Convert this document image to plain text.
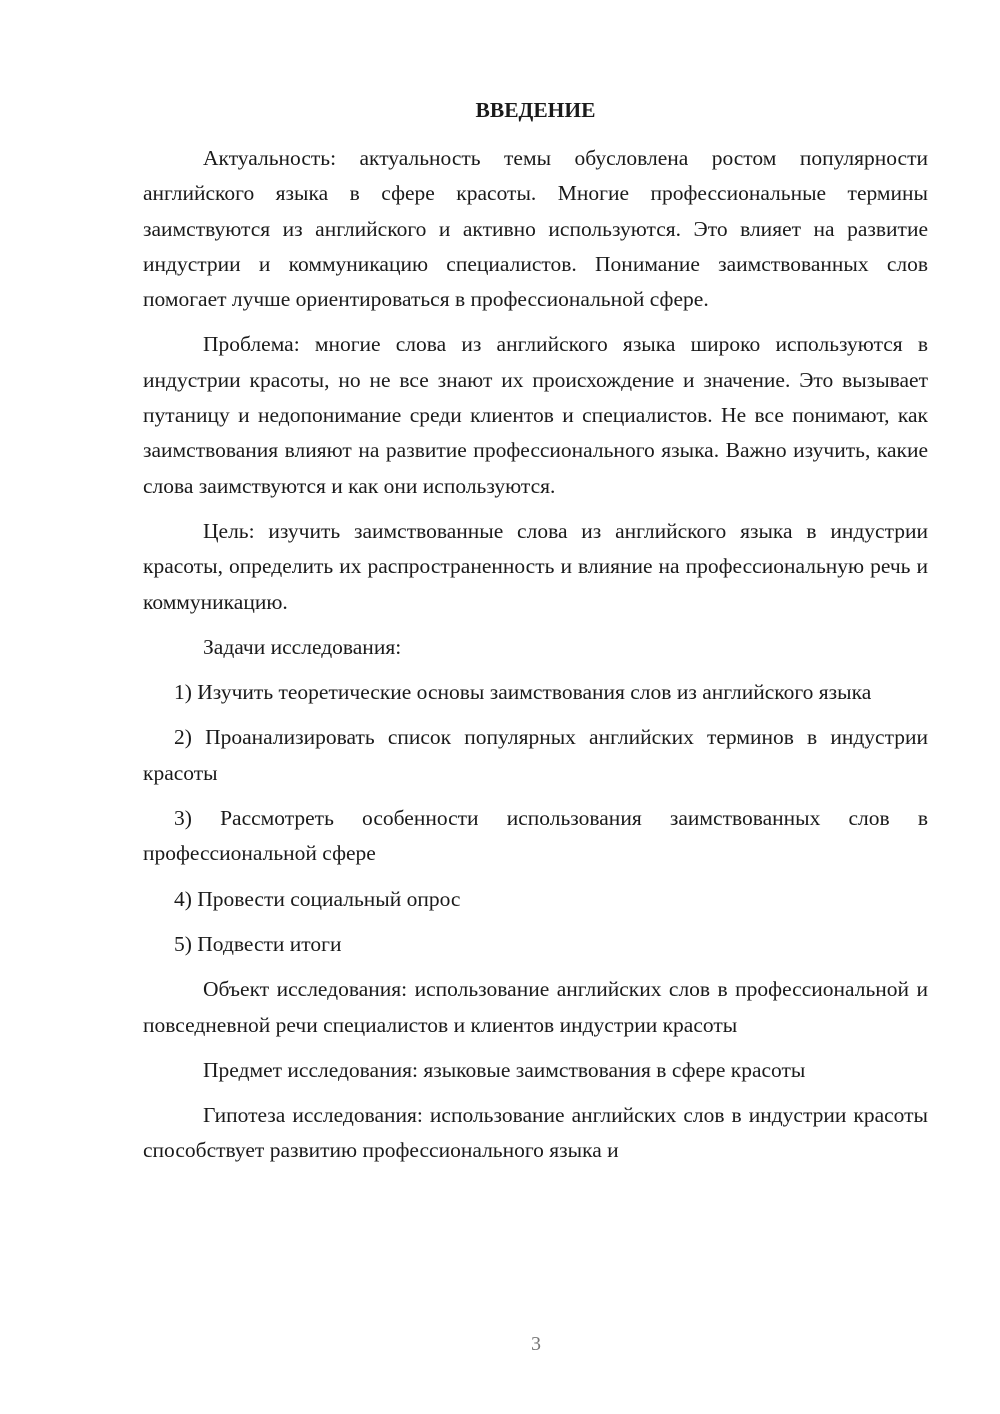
ВВЕДЕНИЕ

Актуальность: актуальность темы обусловлена ростом популярности английского языка в сфере красоты. Многие профессиональные термины заимствуются из английского и активно используются. Это влияет на развитие индустрии и коммуникацию специалистов. Понимание заимствованных слов помогает лучше ориентироваться в профессиональной сфере.

Проблема: многие слова из английского языка широко используются в индустрии красоты, но не все знают их происхождение и значение. Это вызывает путаницу и недопонимание среди клиентов и специалистов. Не все понимают, как заимствования влияют на развитие профессионального языка. Важно изучить, какие слова заимствуются и как они используются.

Цель: изучить заимствованные слова из английского языка в индустрии красоты, определить их распространенность и влияние на профессиональную речь и коммуникацию.

Задачи исследования:

1) Изучить теоретические основы заимствования слов из английского языка

2) Проанализировать список популярных английских терминов в индустрии красоты

3) Рассмотреть особенности использования заимствованных слов в профессиональной сфере

4) Провести социальный опрос

5) Подвести итоги

Объект исследования: использование английских слов в профессиональной и повседневной речи специалистов и клиентов индустрии красоты

Предмет исследования: языковые заимствования в сфере красоты

Гипотеза исследования: использование английских слов в индустрии красоты способствует развитию профессионального языка и

3
